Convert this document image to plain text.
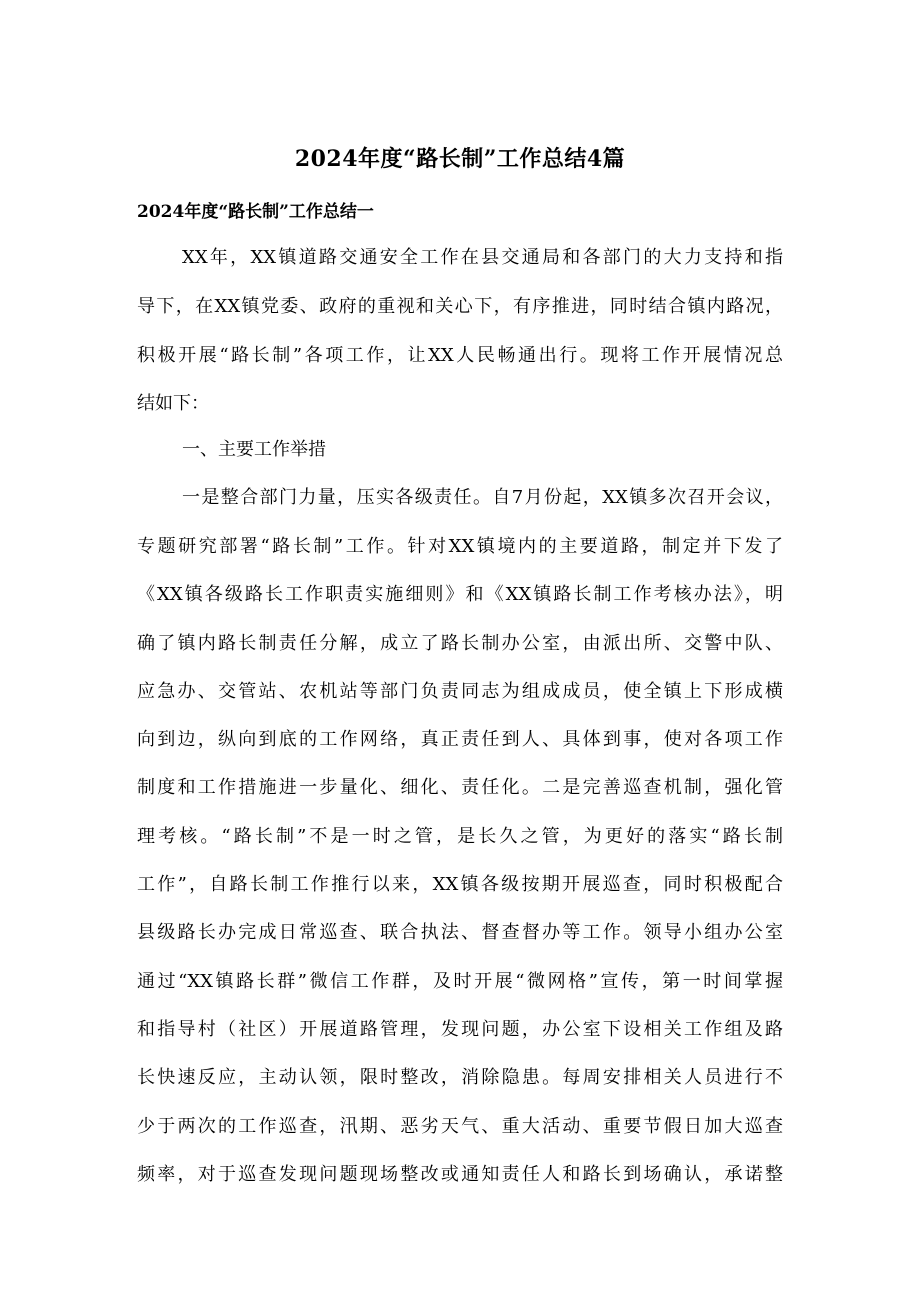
2024年度“路长制”工作总结4篇
2024年度“路长制”工作总结一
XX年，XX镇道路交通安全工作在县交通局和各部门的大力支持和指
导下，在XX镇党委、政府的重视和关心下，有序推进，同时结合镇内路况，
积极开展“路长制”各项工作，让XX人民畅通出行。现将工作开展情况总
结如下：
一、主要工作举措
一是整合部门力量，压实各级责任。自7月份起，XX镇多次召开会议，
专题研究部署“路长制”工作。针对XX镇境内的主要道路，制定并下发了
《XX镇各级路长工作职责实施细则》和《XX镇路长制工作考核办法》，明
确了镇内路长制责任分解，成立了路长制办公室，由派出所、交警中队、
应急办、交管站、农机站等部门负责同志为组成成员，使全镇上下形成横
向到边，纵向到底的工作网络，真正责任到人、具体到事，使对各项工作
制度和工作措施进一步量化、细化、责任化。二是完善巡查机制，强化管
理考核。“路长制”不是一时之管，是长久之管，为更好的落实“路长制
工作”，自路长制工作推行以来，XX镇各级按期开展巡查，同时积极配合
县级路长办完成日常巡查、联合执法、督查督办等工作。领导小组办公室
通过“XX镇路长群”微信工作群，及时开展“微网格”宣传，第一时间掌握
和指导村（社区）开展道路管理，发现问题，办公室下设相关工作组及路
长快速反应，主动认领，限时整改，消除隐患。每周安排相关人员进行不
少于两次的工作巡查，汛期、恶劣天气、重大活动、重要节假日加大巡查
频率，对于巡查发现问题现场整改或通知责任人和路长到场确认，承诺整
